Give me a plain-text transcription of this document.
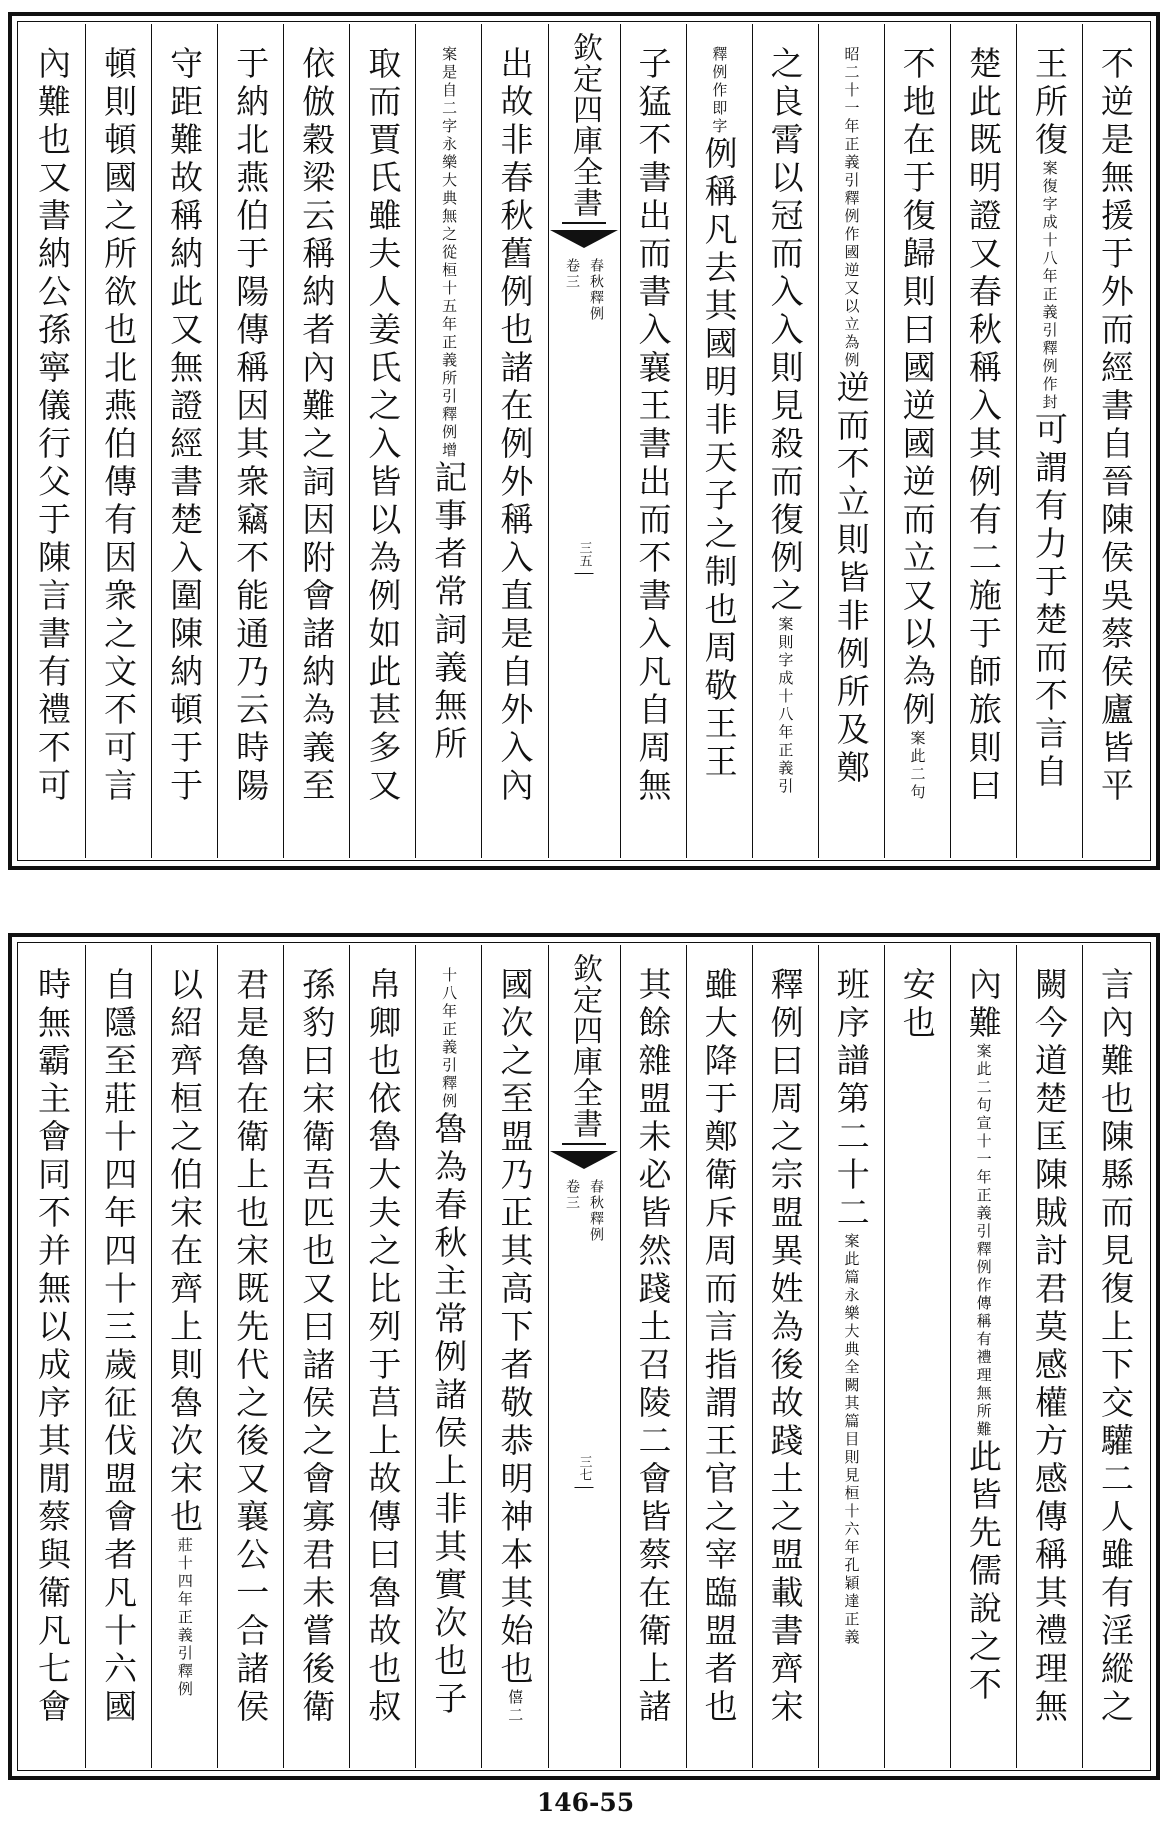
不逆是無援于外而經書自晉陳侯吳蔡侯廬皆平
王所復
案復字成十八年正義引釋例作封
可謂有力于楚而不言自
楚此既明證又春秋稱入其例有二施于師旅則曰
不地在于復歸則曰國逆國逆而立又以為例
案此二句
昭二十一年正義引釋例作國逆又以立為例
逆而不立則皆非例所及鄭
之良霄以冠而入入則見殺而復例之
案則字成十八年正義引
釋例作即字
例稱凡去其國明非天子之制也周敬王王
子猛不書出而書入襄王書出而不書入凡自周無
欽定四庫全書
春秋釋例
卷三
三五
出故非春秋舊例也諸在例外稱入直是自外入內
案是自二字永樂大典無之從桓十五年正義所引釋例增
記事者常詞義無所
取而賈氏雖夫人姜氏之入皆以為例如此甚多又
依倣穀梁云稱納者內難之詞因附會諸納為義至
于納北燕伯于陽傳稱因其衆竊不能通乃云時陽
守距難故稱納此又無證經書楚入圍陳納頓于于
頓則頓國之所欲也北燕伯傳有因衆之文不可言
內難也又書納公孫寧儀行父于陳言書有禮不可
言內難也陳縣而見復上下交驩二人雖有淫縱之
闕今道楚匡陳賊討君莫感權方感傳稱其禮理無
內難
案此二句宣十一年正義引釋例作傳稱有禮理無所難
此皆先儒說之不
安也
班序譜第二十二
案此篇永樂大典全闕其篇目則見桓十六年孔穎達正義
釋例曰周之宗盟異姓為後故踐土之盟載書齊宋
雖大降于鄭衛斥周而言指謂王官之宰臨盟者也
其餘雜盟未必皆然踐土召陵二會皆蔡在衛上諸
欽定四庫全書
春秋釋例
卷三
三七
國次之至盟乃正其高下者敬恭明神本其始也
僖二
十八年正義引釋例
魯為春秋主常例諸侯上非其實次也子
帛卿也依魯大夫之比列于莒上故傳曰魯故也叔
孫豹曰宋衛吾匹也又曰諸侯之會寡君未嘗後衛
君是魯在衛上也宋既先代之後又襄公一合諸侯
以紹齊桓之伯宋在齊上則魯次宋也
莊十四年正義引釋例
自隱至莊十四年四十三歲征伐盟會者凡十六國
時無霸主會同不并無以成序其閒蔡與衛凡七會
146-55
